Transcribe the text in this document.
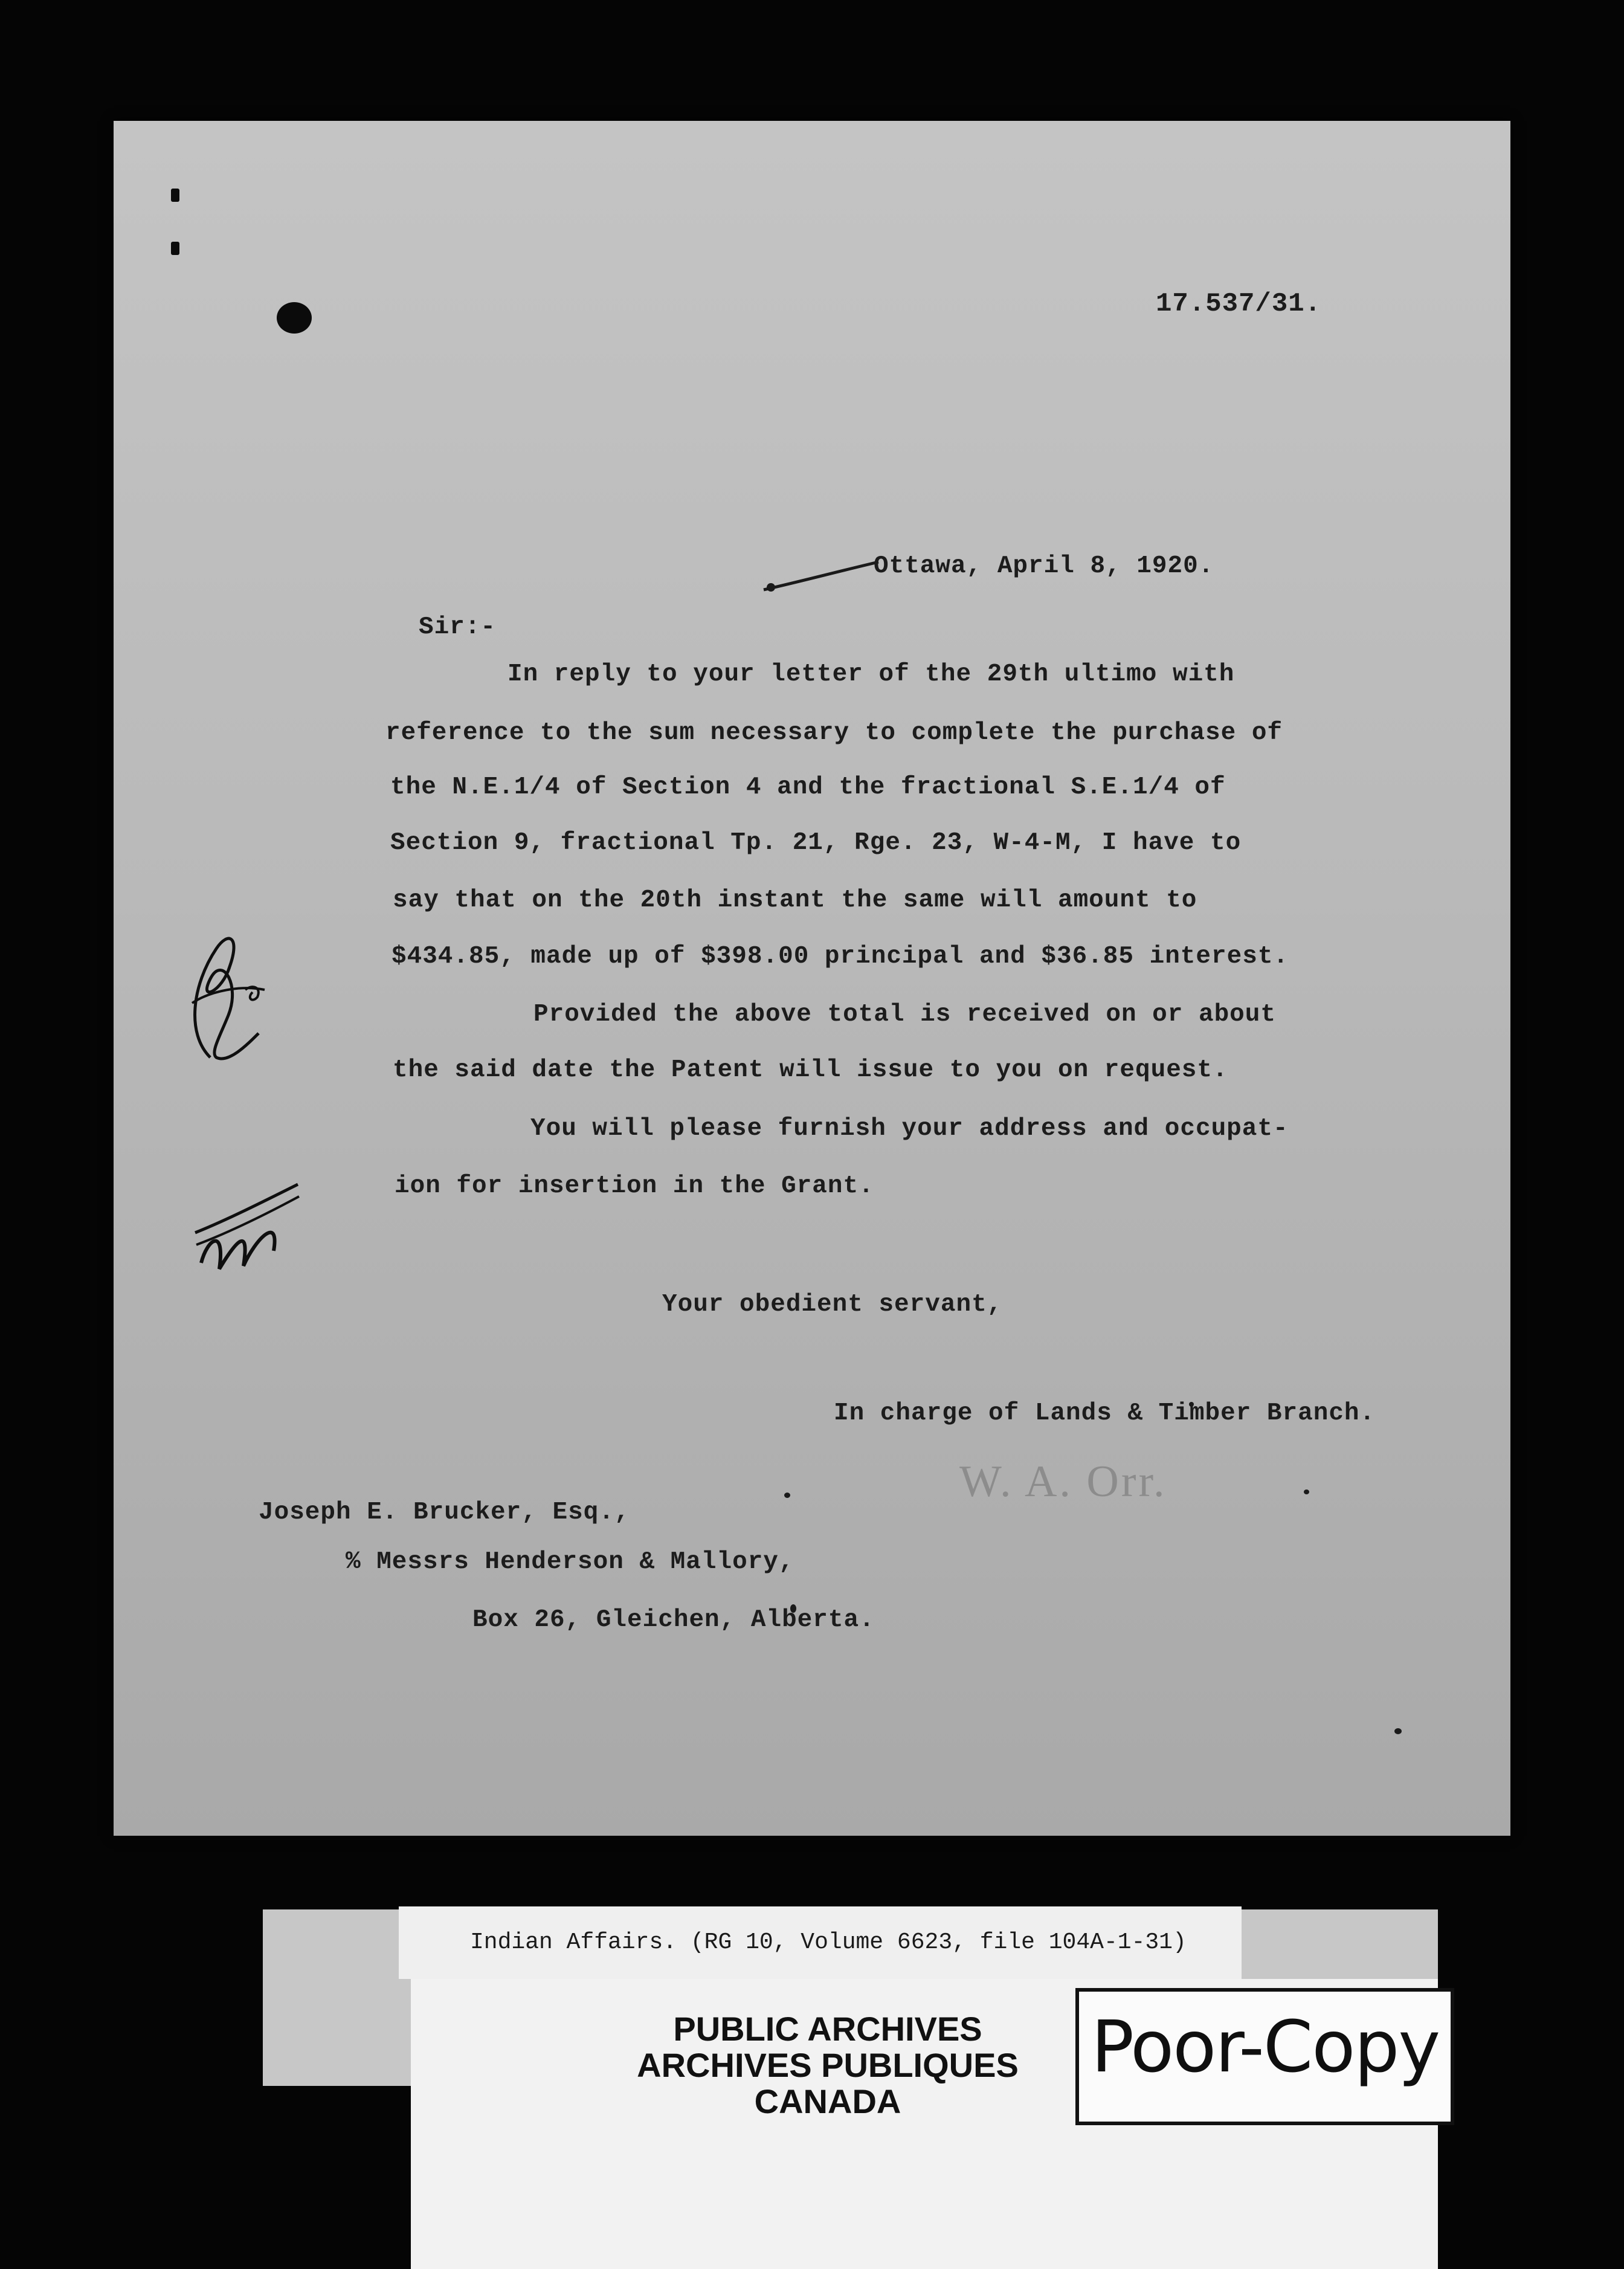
17.537/31.
Ottawa, April 8, 1920.
Sir:-
In reply to your letter of the 29th ultimo with
reference to the sum necessary to complete the purchase of
the N.E.1/4 of Section 4 and the fractional S.E.1/4 of
Section 9, fractional Tp. 21, Rge. 23, W-4-M, I have to
say that on the 20th instant the same will amount to
$434.85, made up of $398.00 principal and $36.85 interest.
Provided the above total is received on or about
the said date the Patent will issue to you on request.
You will please furnish your address and occupat-
ion for insertion in the Grant.
Your obedient servant,
W. A. Orr.
In charge of Lands & Timber Branch.
Joseph E. Brucker, Esq.,
% Messrs Henderson & Mallory,
Box 26, Gleichen, Alberta.
Indian Affairs. (RG 10, Volume 6623, file 104A-1-31)
PUBLIC ARCHIVES
ARCHIVES PUBLIQUES
CANADA
Poor-Copy
